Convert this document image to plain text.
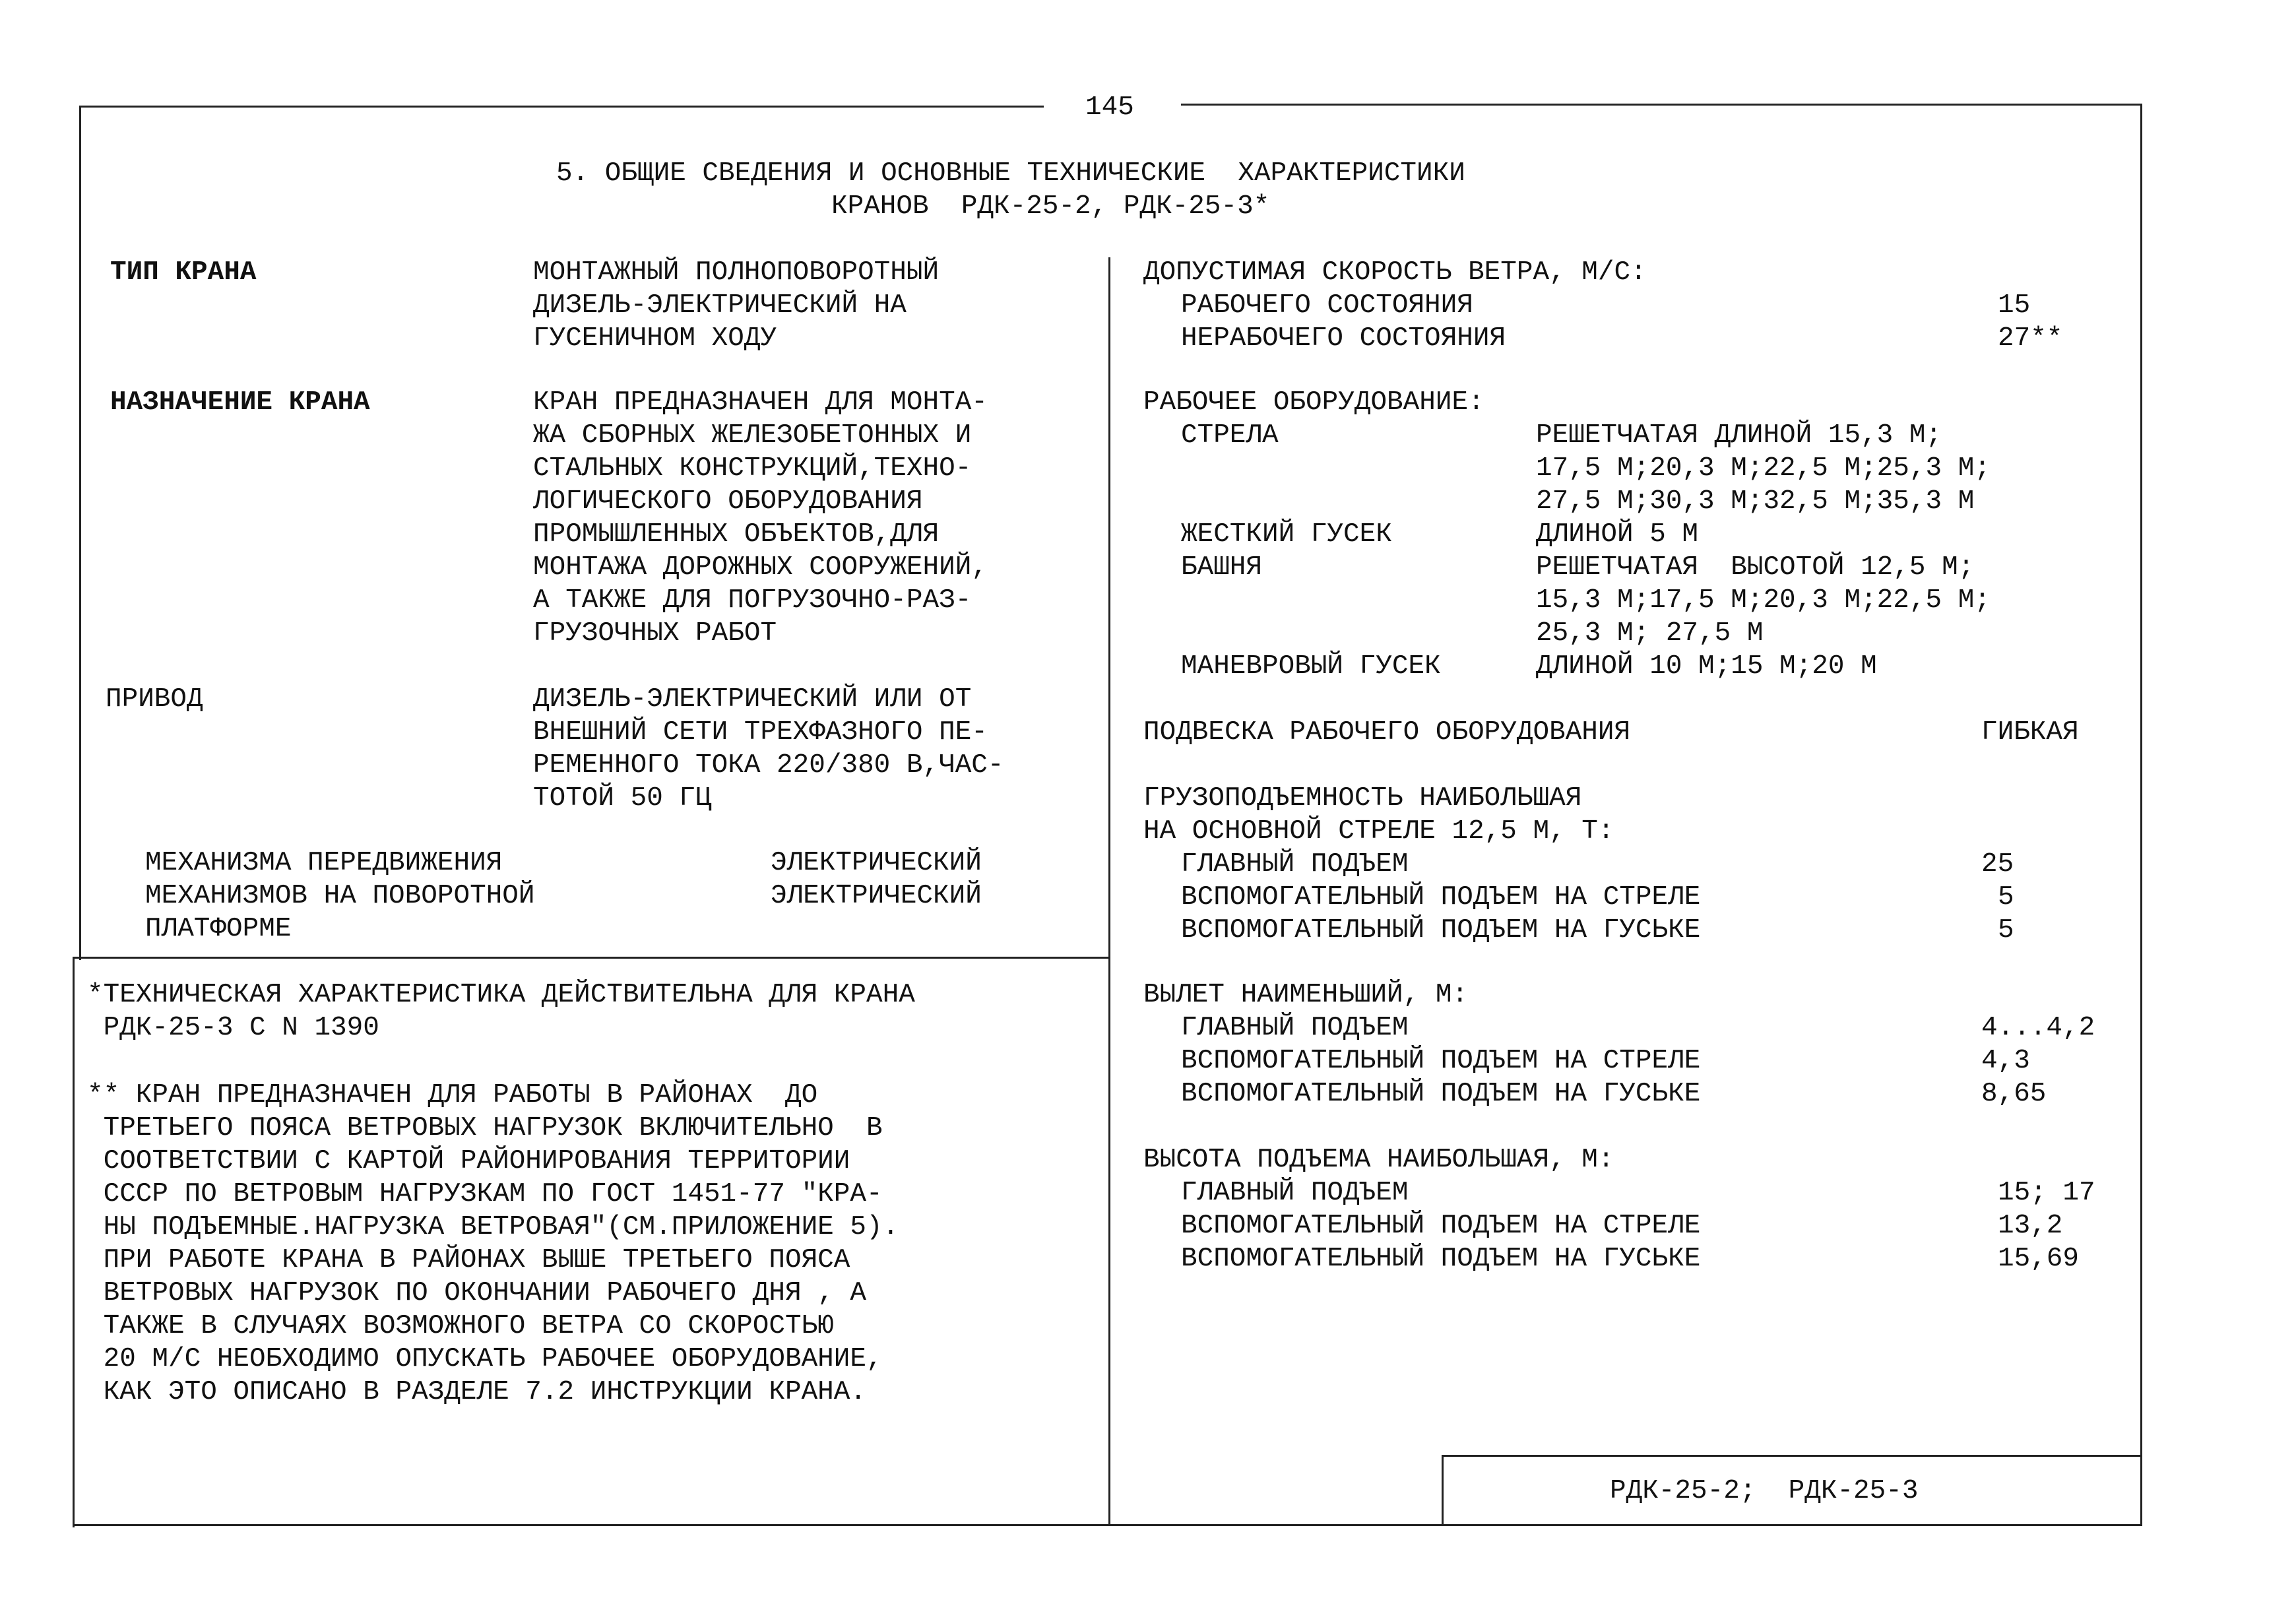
145
5. ОБЩИЕ СВЕДЕНИЯ И ОСНОВНЫЕ ТЕХНИЧЕСКИЕ  ХАРАКТЕРИСТИКИ
КРАНОВ  РДК-25-2, РДК-25-3*
ТИП КРАНА	МОНТАЖНЫЙ ПОЛНОПОВОРОТНЫЙ
ДИЗЕЛЬ-ЭЛЕКТРИЧЕСКИЙ НА
ГУСЕНИЧНОМ ХОДУ
НАЗНАЧЕНИЕ КРАНА	КРАН ПРЕДНАЗНАЧЕН ДЛЯ МОНТА-
ЖА СБОРНЫХ ЖЕЛЕЗОБЕТОННЫХ И
СТАЛЬНЫХ КОНСТРУКЦИЙ,ТЕХНО-
ЛОГИЧЕСКОГО ОБОРУДОВАНИЯ
ПРОМЫШЛЕННЫХ ОБЪЕКТОВ,ДЛЯ
МОНТАЖА ДОРОЖНЫХ СООРУЖЕНИЙ,
А ТАКЖЕ ДЛЯ ПОГРУЗОЧНО-РАЗ-
ГРУЗОЧНЫХ РАБОТ
ПРИВОД	ДИЗЕЛЬ-ЭЛЕКТРИЧЕСКИЙ ИЛИ ОТ
ВНЕШНИЙ СЕТИ ТРЕХФАЗНОГО ПЕ-
РЕМЕННОГО ТОКА 220/380 В,ЧАС-
ТОТОЙ 50 ГЦ
МЕХАНИЗМА ПЕРЕДВИЖЕНИЯ	ЭЛЕКТРИЧЕСКИЙ
МЕХАНИЗМОВ НА ПОВОРОТНОЙ	ЭЛЕКТРИЧЕСКИЙ
ПЛАТФОРМЕ
*ТЕХНИЧЕСКАЯ ХАРАКТЕРИСТИКА ДЕЙСТВИТЕЛЬНА ДЛЯ КРАНА
РДК-25-3 С N 1390
** КРАН ПРЕДНАЗНАЧЕН ДЛЯ РАБОТЫ В РАЙОНАХ  ДО
ТРЕТЬЕГО ПОЯСА ВЕТРОВЫХ НАГРУЗОК ВКЛЮЧИТЕЛЬНО  В
СООТВЕТСТВИИ С КАРТОЙ РАЙОНИРОВАНИЯ ТЕРРИТОРИИ
СССР ПО ВЕТРОВЫМ НАГРУЗКАМ ПО ГОСТ 1451-77 "КРА-
НЫ ПОДЪЕМНЫЕ.НАГРУЗКА ВЕТРОВАЯ"(СМ.ПРИЛОЖЕНИЕ 5).
ПРИ РАБОТЕ КРАНА В РАЙОНАХ ВЫШЕ ТРЕТЬЕГО ПОЯСА
ВЕТРОВЫХ НАГРУЗОК ПО ОКОНЧАНИИ РАБОЧЕГО ДНЯ , А
ТАКЖЕ В СЛУЧАЯХ ВОЗМОЖНОГО ВЕТРА СО СКОРОСТЬЮ
20 М/С НЕОБХОДИМО ОПУСКАТЬ РАБОЧЕЕ ОБОРУДОВАНИЕ,
КАК ЭТО ОПИСАНО В РАЗДЕЛЕ 7.2 ИНСТРУКЦИИ КРАНА.
ДОПУСТИМАЯ СКОРОСТЬ ВЕТРА, М/С:
РАБОЧЕГО СОСТОЯНИЯ	15
НЕРАБОЧЕГО СОСТОЯНИЯ	27**
РАБОЧЕЕ ОБОРУДОВАНИЕ:
СТРЕЛА	РЕШЕТЧАТАЯ ДЛИНОЙ 15,3 М;
17,5 М;20,3 М;22,5 М;25,3 М;
27,5 М;30,3 М;32,5 М;35,3 М
ЖЕСТКИЙ ГУСЕК	ДЛИНОЙ 5 М
БАШНЯ	РЕШЕТЧАТАЯ  ВЫСОТОЙ 12,5 М;
15,3 М;17,5 М;20,3 М;22,5 М;
25,3 М; 27,5 М
МАНЕВРОВЫЙ ГУСЕК	ДЛИНОЙ 10 М;15 М;20 М
ПОДВЕСКА РАБОЧЕГО ОБОРУДОВАНИЯ	ГИБКАЯ
ГРУЗОПОДЪЕМНОСТЬ НАИБОЛЬШАЯ
НА ОСНОВНОЙ СТРЕЛЕ 12,5 М, Т:
ГЛАВНЫЙ ПОДЪЕМ	25
ВСПОМОГАТЕЛЬНЫЙ ПОДЪЕМ НА СТРЕЛЕ	5
ВСПОМОГАТЕЛЬНЫЙ ПОДЪЕМ НА ГУСЬКЕ	5
ВЫЛЕТ НАИМЕНЬШИЙ, М:
ГЛАВНЫЙ ПОДЪЕМ	4...4,2
ВСПОМОГАТЕЛЬНЫЙ ПОДЪЕМ НА СТРЕЛЕ	4,3
ВСПОМОГАТЕЛЬНЫЙ ПОДЪЕМ НА ГУСЬКЕ	8,65
ВЫСОТА ПОДЪЕМА НАИБОЛЬШАЯ, М:
ГЛАВНЫЙ ПОДЪЕМ	15; 17
ВСПОМОГАТЕЛЬНЫЙ ПОДЪЕМ НА СТРЕЛЕ	13,2
ВСПОМОГАТЕЛЬНЫЙ ПОДЪЕМ НА ГУСЬКЕ	15,69
РДК-25-2;  РДК-25-3
